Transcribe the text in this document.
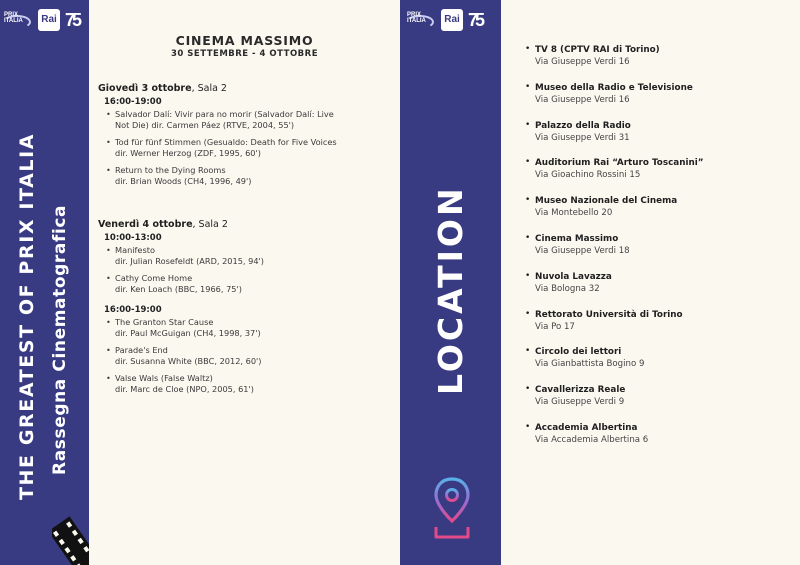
PRIX
ITALIA	Rai 75
THE GREATEST OF PRIX ITALIA Rassegna Cinematografica
CINEMA MASSIMO
30 SETTEMBRE - 4 OTTOBRE
Giovedì 3 ottobre, Sala 2
16:00-19:00
• Salvador Dalí: Vivir para no morir (Salvador Dalí: Live
Not Die) dir. Carmen Páez (RTVE, 2004, 55')
• Tod für fünf Stimmen (Gesualdo: Death for Five Voices
dir. Werner Herzog (ZDF, 1995, 60')
• Return to the Dying Rooms
dir. Brian Woods (CH4, 1996, 49')
Venerdì 4 ottobre, Sala 2
10:00-13:00
• Manifesto
dir. Julian Rosefeldt (ARD, 2015, 94')
• Cathy Come Home
dir. Ken Loach (BBC, 1966, 75')
16:00-19:00
• The Granton Star Cause
dir. Paul McGuigan (CH4, 1998, 37')
• Parade's End
dir. Susanna White (BBC, 2012, 60')
• Valse Wals (False Waltz)
dir. Marc de Cloe (NPO, 2005, 61')
PRIX
ITALIA	Rai 75
LOCATION
• TV 8 (CPTV RAI di Torino)
Via Giuseppe Verdi 16
• Museo della Radio e Televisione
Via Giuseppe Verdi 16
• Palazzo della Radio
Via Giuseppe Verdi 31
• Auditorium Rai “Arturo Toscanini”
Via Gioachino Rossini 15
• Museo Nazionale del Cinema
Via Montebello 20
• Cinema Massimo
Via Giuseppe Verdi 18
• Nuvola Lavazza
Via Bologna 32
• Rettorato Università di Torino
Via Po 17
• Circolo dei lettori
Via Gianbattista Bogino 9
• Cavallerizza Reale
Via Giuseppe Verdi 9
• Accademia Albertina
Via Accademia Albertina 6
